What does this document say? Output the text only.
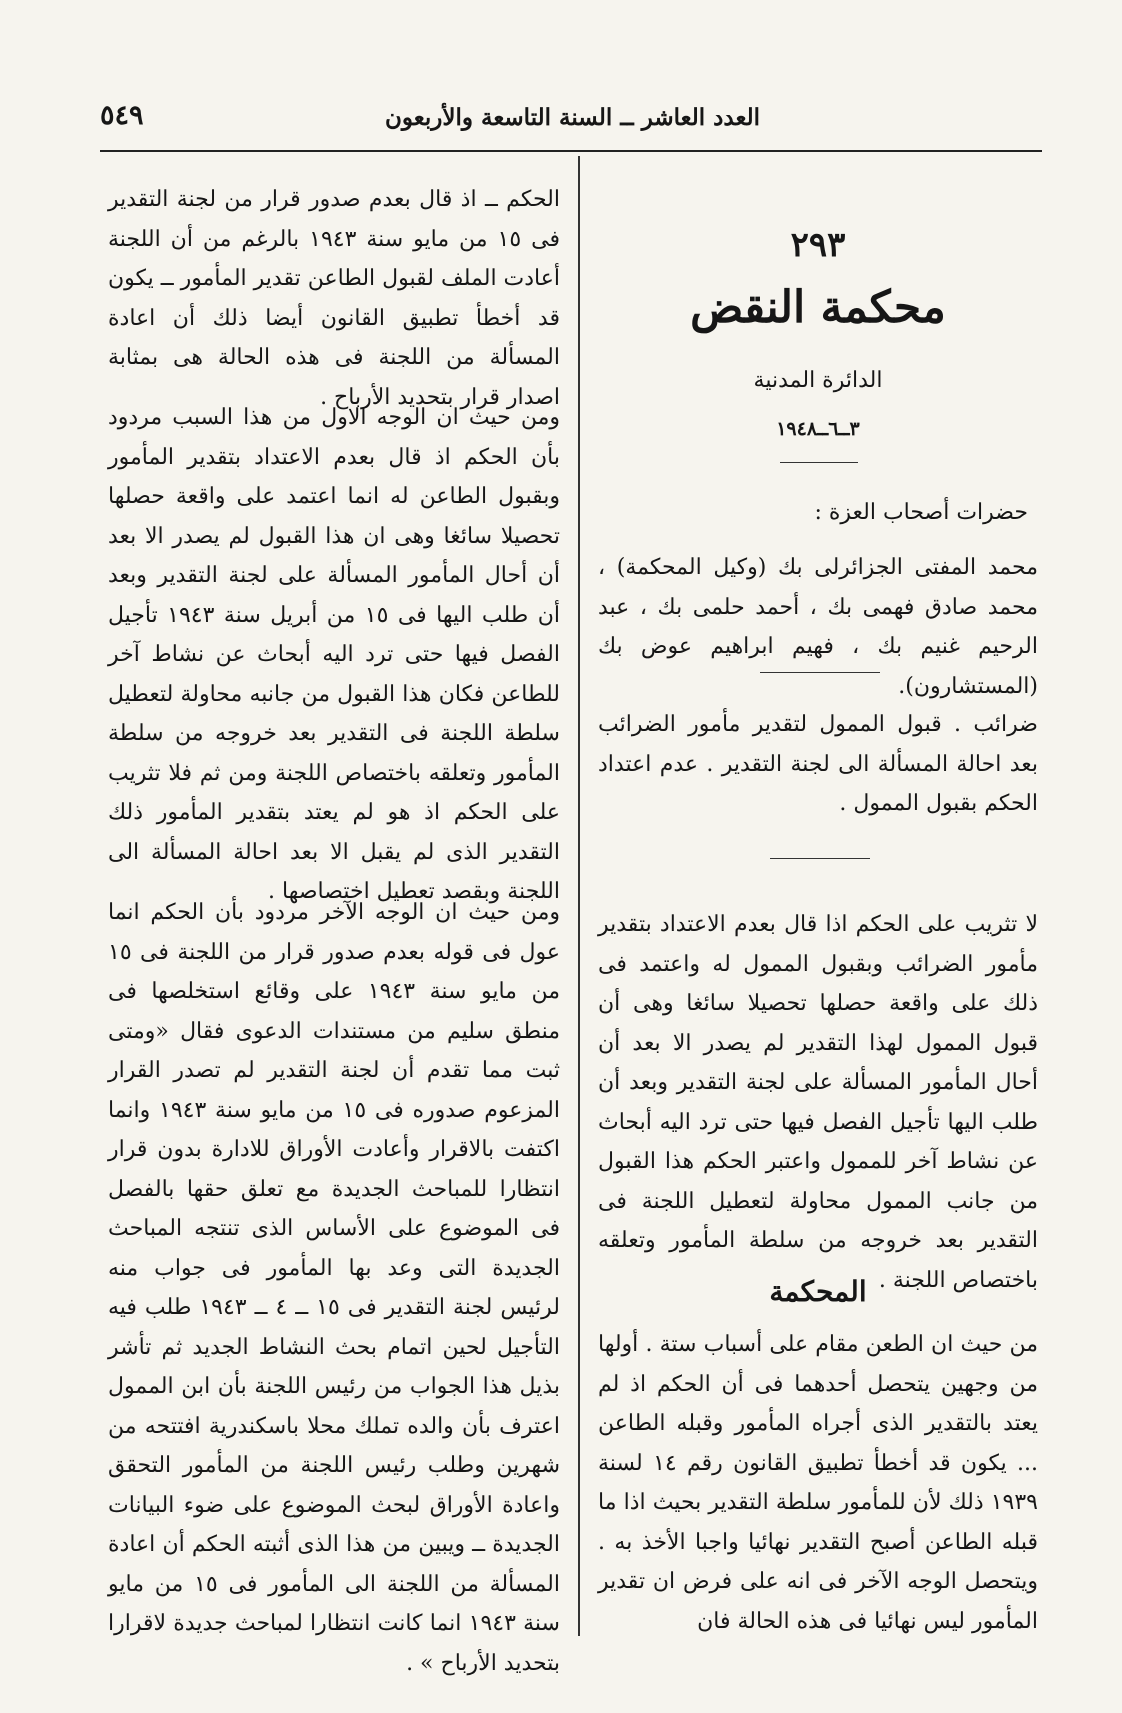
العدد العاشر ــ السنة التاسعة والأربعون
٥٤٩
٢٩٣
محكمة النقض
الدائرة المدنية
٣ــ٦ــ١٩٤٨
حضرات أصحاب العزة :

محمد المفتى الجزائرلى بك (وكيل المحكمة) ، محمد صادق فهمى بك ، أحمد حلمى بك ، عبد الرحيم غنيم بك ، فهيم ابراهيم عوض بك (المستشارون).

ضرائب . قبول الممول لتقدير مأمور الضرائب بعد احالة المسألة الى لجنة التقدير . عدم اعتداد الحكم بقبول الممول .

لا تثريب على الحكم اذا قال بعدم الاعتداد بتقدير مأمور الضرائب وبقبول الممول له واعتمد فى ذلك على واقعة حصلها تحصيلا سائغا وهى أن قبول الممول لهذا التقدير لم يصدر الا بعد أن أحال المأمور المسألة على لجنة التقدير وبعد أن طلب اليها تأجيل الفصل فيها حتى ترد اليه أبحاث عن نشاط آخر للممول واعتبر الحكم هذا القبول من جانب الممول محاولة لتعطيل اللجنة فى التقدير بعد خروجه من سلطة المأمور وتعلقه باختصاص اللجنة .

المحكمة

من حيث ان الطعن مقام على أسباب ستة . أولها من وجهين يتحصل أحدهما فى أن الحكم اذ لم يعتد بالتقدير الذى أجراه المأمور وقبله الطاعن ... يكون قد أخطأ تطبيق القانون رقم ١٤ لسنة ١٩٣٩ ذلك لأن للمأمور سلطة التقدير بحيث اذا ما قبله الطاعن أصبح التقدير نهائيا واجبا الأخذ به . ويتحصل الوجه الآخر فى انه على فرض ان تقدير المأمور ليس نهائيا فى هذه الحالة فان

الحكم ــ اذ قال بعدم صدور قرار من لجنة التقدير فى ١٥ من مايو سنة ١٩٤٣ بالرغم من أن اللجنة أعادت الملف لقبول الطاعن تقدير المأمور ــ يكون قد أخطأ تطبيق القانون أيضا ذلك أن اعادة المسألة من اللجنة فى هذه الحالة هى بمثابة اصدار قرار بتحديد الأرباح .

ومن حيث ان الوجه الاول من هذا السبب مردود بأن الحكم اذ قال بعدم الاعتداد بتقدير المأمور وبقبول الطاعن له انما اعتمد على واقعة حصلها تحصيلا سائغا وهى ان هذا القبول لم يصدر الا بعد أن أحال المأمور المسألة على لجنة التقدير وبعد أن طلب اليها فى ١٥ من أبريل سنة ١٩٤٣ تأجيل الفصل فيها حتى ترد اليه أبحاث عن نشاط آخر للطاعن فكان هذا القبول من جانبه محاولة لتعطيل سلطة اللجنة فى التقدير بعد خروجه من سلطة المأمور وتعلقه باختصاص اللجنة ومن ثم فلا تثريب على الحكم اذ هو لم يعتد بتقدير المأمور ذلك التقدير الذى لم يقبل الا بعد احالة المسألة الى اللجنة وبقصد تعطيل اختصاصها .

ومن حيث ان الوجه الآخر مردود بأن الحكم انما عول فى قوله بعدم صدور قرار من اللجنة فى ١٥ من مايو سنة ١٩٤٣ على وقائع استخلصها فى منطق سليم من مستندات الدعوى فقال «ومتى ثبت مما تقدم أن لجنة التقدير لم تصدر القرار المزعوم صدوره فى ١٥ من مايو سنة ١٩٤٣ وانما اكتفت بالاقرار وأعادت الأوراق للادارة بدون قرار انتظارا للمباحث الجديدة مع تعلق حقها بالفصل فى الموضوع على الأساس الذى تنتجه المباحث الجديدة التى وعد بها المأمور فى جواب منه لرئيس لجنة التقدير فى ١٥ ــ ٤ ــ ١٩٤٣ طلب فيه التأجيل لحين اتمام بحث النشاط الجديد ثم تأشر بذيل هذا الجواب من رئيس اللجنة بأن ابن الممول اعترف بأن والده تملك محلا باسكندرية افتتحه من شهرين وطلب رئيس اللجنة من المأمور التحقق واعادة الأوراق لبحث الموضوع على ضوء البيانات الجديدة ــ ويبين من هذا الذى أثبته الحكم أن اعادة المسألة من اللجنة الى المأمور فى ١٥ من مايو سنة ١٩٤٣ انما كانت انتظارا لمباحث جديدة لاقرارا بتحديد الأرباح » .
